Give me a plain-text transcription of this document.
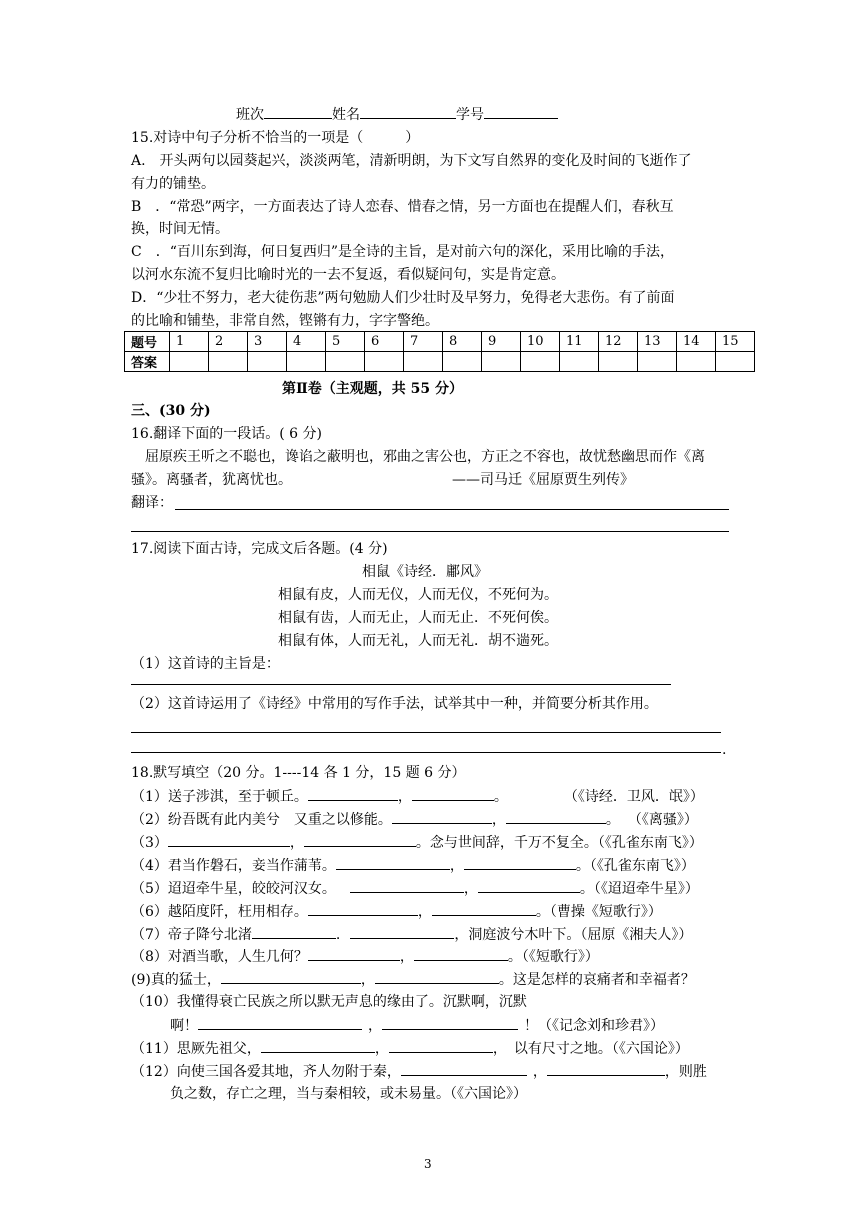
班次	姓名	学号
15.对诗中句子分析不恰当的一项是（　　　）
A.　开头两句以园葵起兴，淡淡两笔，清新明朗，为下文写自然界的变化及时间的飞逝作了
有力的铺垫。
B　．“常恐”两字，一方面表达了诗人恋春、惜春之情，另一方面也在提醒人们，春秋互
换，时间无情。
C　．“百川东到海，何日复西归”是全诗的主旨，是对前六句的深化，采用比喻的手法，
以河水东流不复归比喻时光的一去不复返，看似疑问句，实是肯定意。
D．“少壮不努力，老大徒伤悲”两句勉励人们少壮时及早努力，免得老大悲伤。有了前面
的比喻和铺垫，非常自然，铿锵有力，字字警绝。
题号	1	2	3	4	5	6	7	8	9	10	11	12	13	14	15
答案															
第Ⅱ卷（主观题，共 55 分）
三、(30 分)
16.翻译下面的一段话。( 6 分)
屈原疾王听之不聪也，谗谄之蔽明也，邪曲之害公也，方正之不容也，故忧愁幽思而作《离
骚》。离骚者，犹离忧也。	——司马迁《屈原贾生列传》
翻译：
17.阅读下面古诗，完成文后各题。(4 分)
相鼠《诗经．鄘风》
相鼠有皮，人而无仪，人而无仪，不死何为。
相鼠有齿，人而无止，人而无止．不死何俟。
相鼠有体，人而无礼，人而无礼．胡不遄死。
（1）这首诗的主旨是：
（2）这首诗运用了《诗经》中常用的写作手法，试举其中一种，并简要分析其作用。
.
18.默写填空（20 分。1----14 各 1 分，15 题 6 分）
（1）送子涉淇，至于顿丘。	，	。	（《诗经．卫风．氓》）
（2）纷吾既有此内美兮　又重之以修能。	，	。 （《离骚》）
（3）	，	。念与世间辞，千万不复全。（《孔雀东南飞》）
（4）君当作磐石，妾当作蒲苇。	，	。（《孔雀东南飞》）
（5）迢迢牵牛星，皎皎河汉女。	，	。（《迢迢牵牛星》）
（6）越陌度阡，枉用相存。	，	。（曹操《短歌行》）
（7）帝子降兮北渚	.	，洞庭波兮木叶下。（屈原《湘夫人》）
（8）对酒当歌，人生几何？	，	。（《短歌行》）
(9)真的猛士，	，	。这是怎样的哀痛者和幸福者？
（10）我懂得衰亡民族之所以默无声息的缘由了。沉默啊，沉默
啊！	，	！（《记念刘和珍君》）
（11）思厥先祖父，	，	，　以有尺寸之地。（《六国论》）
（12）向使三国各爱其地，齐人勿附于秦，	，	，则胜
负之数，存亡之理，当与秦相较，或未易量。（《六国论》）
3
